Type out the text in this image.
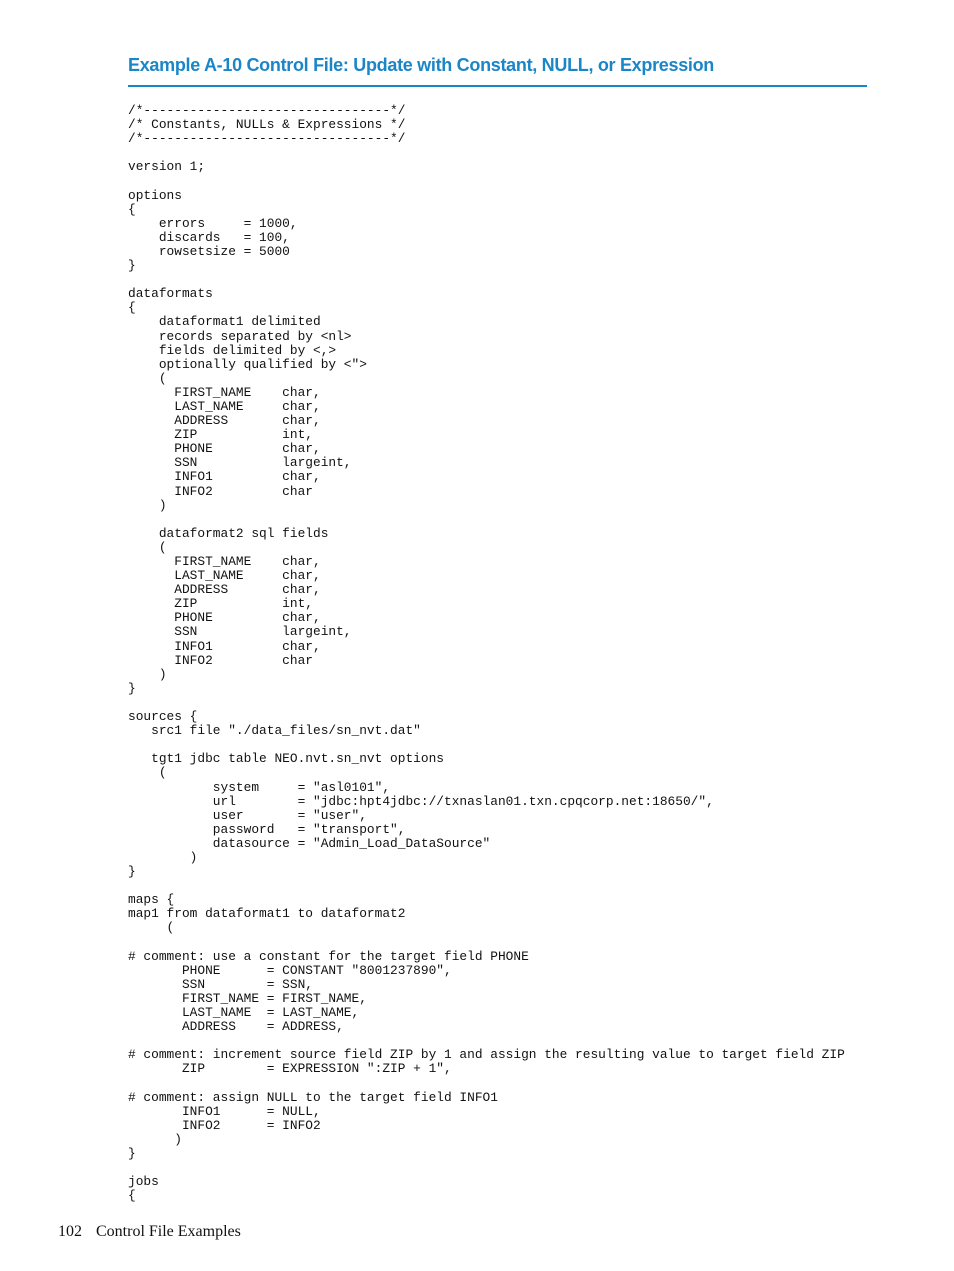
Example A-10 Control File: Update with Constant, NULL, or Expression
/*--------------------------------*/
/* Constants, NULLs & Expressions */
/*--------------------------------*/

version 1;

options
{
errors     = 1000,
discards   = 100,
rowsetsize = 5000
}

dataformats
{
dataformat1 delimited
records separated by <nl>
fields delimited by <,>
optionally qualified by <">
(
FIRST_NAME    char,
LAST_NAME     char,
ADDRESS       char,
ZIP           int,
PHONE         char,
SSN           largeint,
INFO1         char,
INFO2         char
)

dataformat2 sql fields
(
FIRST_NAME    char,
LAST_NAME     char,
ADDRESS       char,
ZIP           int,
PHONE         char,
SSN           largeint,
INFO1         char,
INFO2         char
)
}

sources {
src1 file "./data_files/sn_nvt.dat"

tgt1 jdbc table NEO.nvt.sn_nvt options
(
system     = "asl0101",
url        = "jdbc:hpt4jdbc://txnaslan01.txn.cpqcorp.net:18650/",
user       = "user",
password   = "transport",
datasource = "Admin_Load_DataSource"
)
}

maps {
map1 from dataformat1 to dataformat2
(

# comment: use a constant for the target field PHONE
PHONE      = CONSTANT "8001237890",
SSN        = SSN,
FIRST_NAME = FIRST_NAME,
LAST_NAME  = LAST_NAME,
ADDRESS    = ADDRESS,

# comment: increment source field ZIP by 1 and assign the resulting value to target field ZIP
ZIP        = EXPRESSION ":ZIP + 1",

# comment: assign NULL to the target field INFO1
INFO1      = NULL,
INFO2      = INFO2
)
}

jobs
{

102 Control File Examples
